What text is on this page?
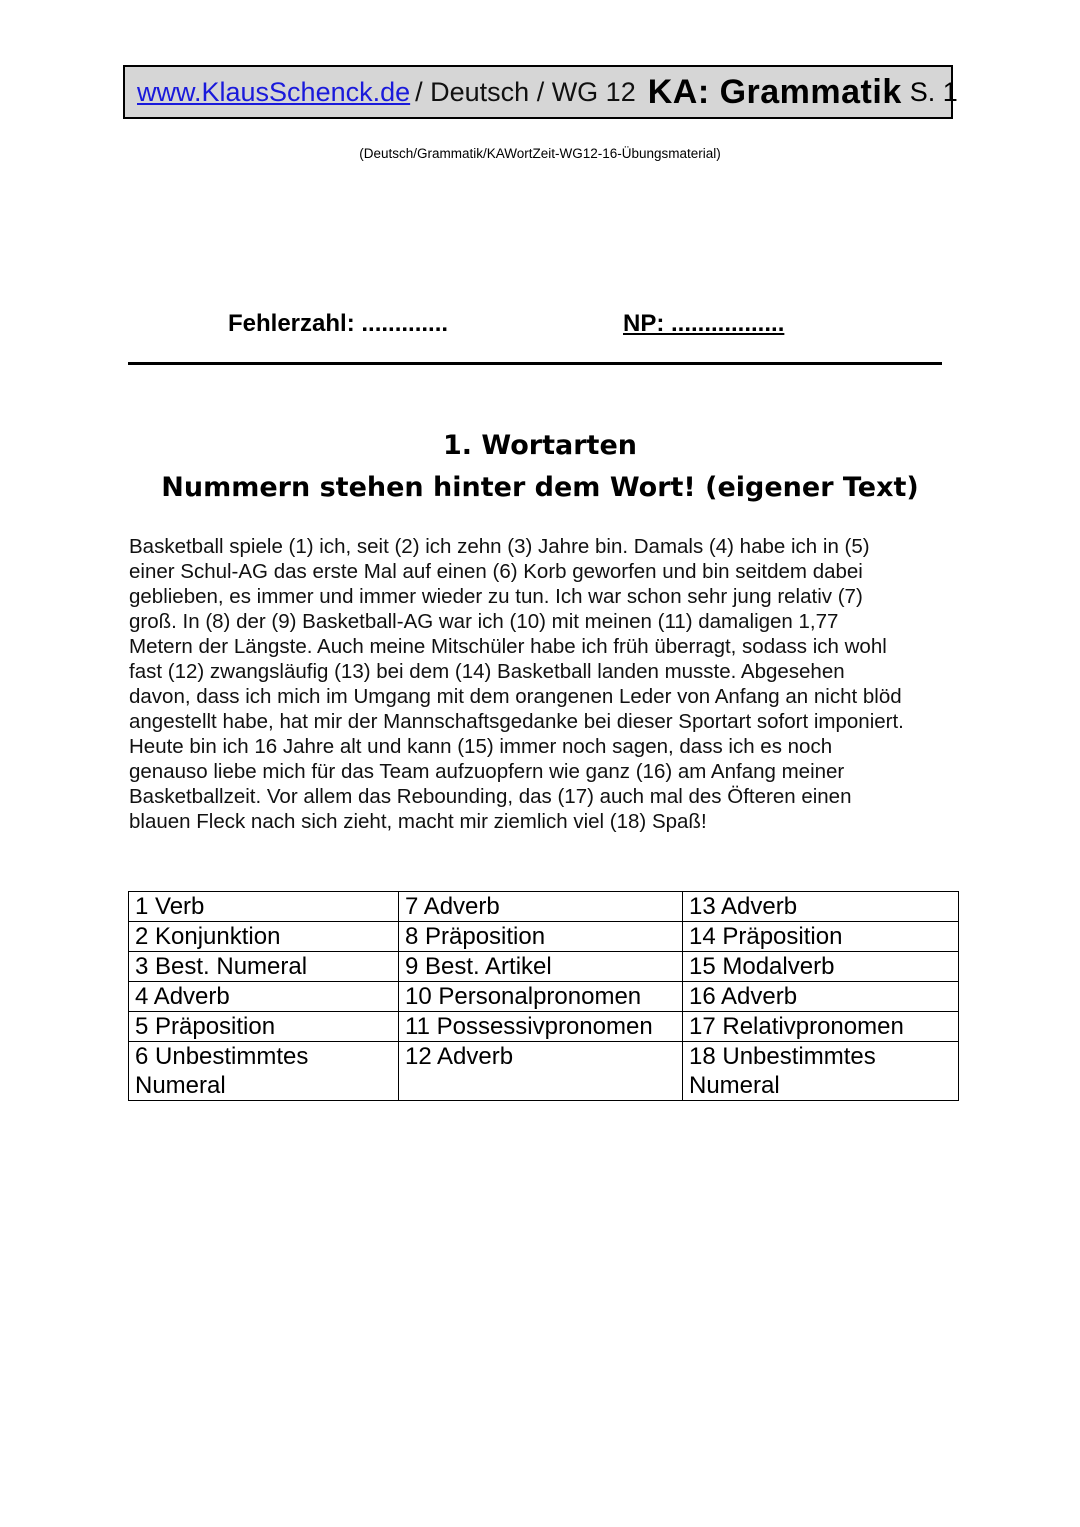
www.KlausSchenck.de / Deutsch / WG 12 KA: Grammatik S. 1
(Deutsch/Grammatik/KAWortZeit-WG12-16-Übungsmaterial)
Fehlerzahl: .............	NP: .................
1. Wortarten
Nummern stehen hinter dem Wort! (eigener Text)

Basketball spiele (1) ich, seit (2) ich zehn (3) Jahre bin. Damals (4) habe ich in (5)
einer Schul-AG das erste Mal auf einen (6) Korb geworfen und bin seitdem dabei
geblieben, es immer und immer wieder zu tun. Ich war schon sehr jung relativ (7)
groß. In (8) der (9) Basketball-AG war ich (10) mit meinen (11) damaligen 1,77
Metern der Längste. Auch meine Mitschüler habe ich früh überragt, sodass ich wohl
fast (12) zwangsläufig (13) bei dem (14) Basketball landen musste. Abgesehen
davon, dass ich mich im Umgang mit dem orangenen Leder von Anfang an nicht blöd
angestellt habe, hat mir der Mannschaftsgedanke bei dieser Sportart sofort imponiert.
Heute bin ich 16 Jahre alt und kann (15) immer noch sagen, dass ich es noch
genauso liebe mich für das Team aufzuopfern wie ganz (16) am Anfang meiner
Basketballzeit. Vor allem das Rebounding, das (17) auch mal des Öfteren einen
blauen Fleck nach sich zieht, macht mir ziemlich viel (18) Spaß!

1 Verb	7 Adverb	13 Adverb
2 Konjunktion	8 Präposition	14 Präposition
3 Best. Numeral	9 Best. Artikel	15 Modalverb
4 Adverb	10 Personalpronomen	16 Adverb
5 Präposition	11 Possessivpronomen	17 Relativpronomen
6 Unbestimmtes Numeral	12 Adverb	18 Unbestimmtes Numeral
